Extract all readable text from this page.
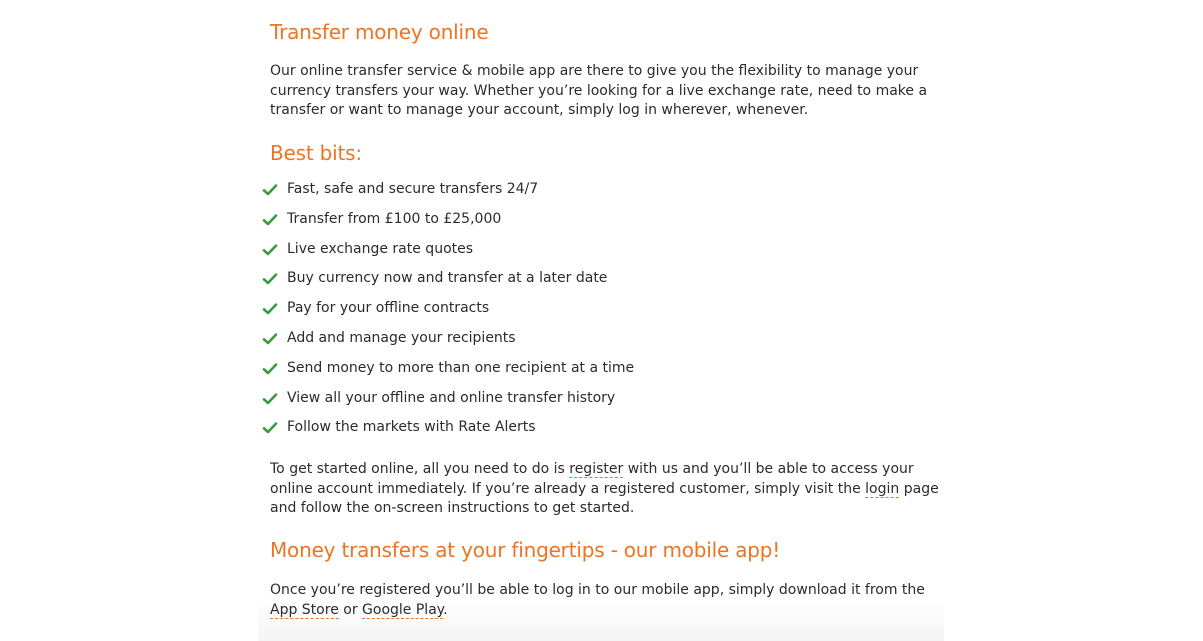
Transfer money online

Our online transfer service & mobile app are there to give you the flexibility to manage your currency transfers your way. Whether you’re looking for a live exchange rate, need to make a transfer or want to manage your account, simply log in wherever, whenever.

Best bits:
Fast, safe and secure transfers 24/7
Transfer from £100 to £25,000
Live exchange rate quotes
Buy currency now and transfer at a later date
Pay for your offline contracts
Add and manage your recipients
Send money to more than one recipient at a time
View all your offline and online transfer history
Follow the markets with Rate Alerts

To get started online, all you need to do is register with us and you’ll be able to access your online account immediately. If you’re already a registered customer, simply visit the login page and follow the on-screen instructions to get started.

Money transfers at your fingertips - our mobile app!

Once you’re registered you’ll be able to log in to our mobile app, simply download it from the App Store or Google Play.
